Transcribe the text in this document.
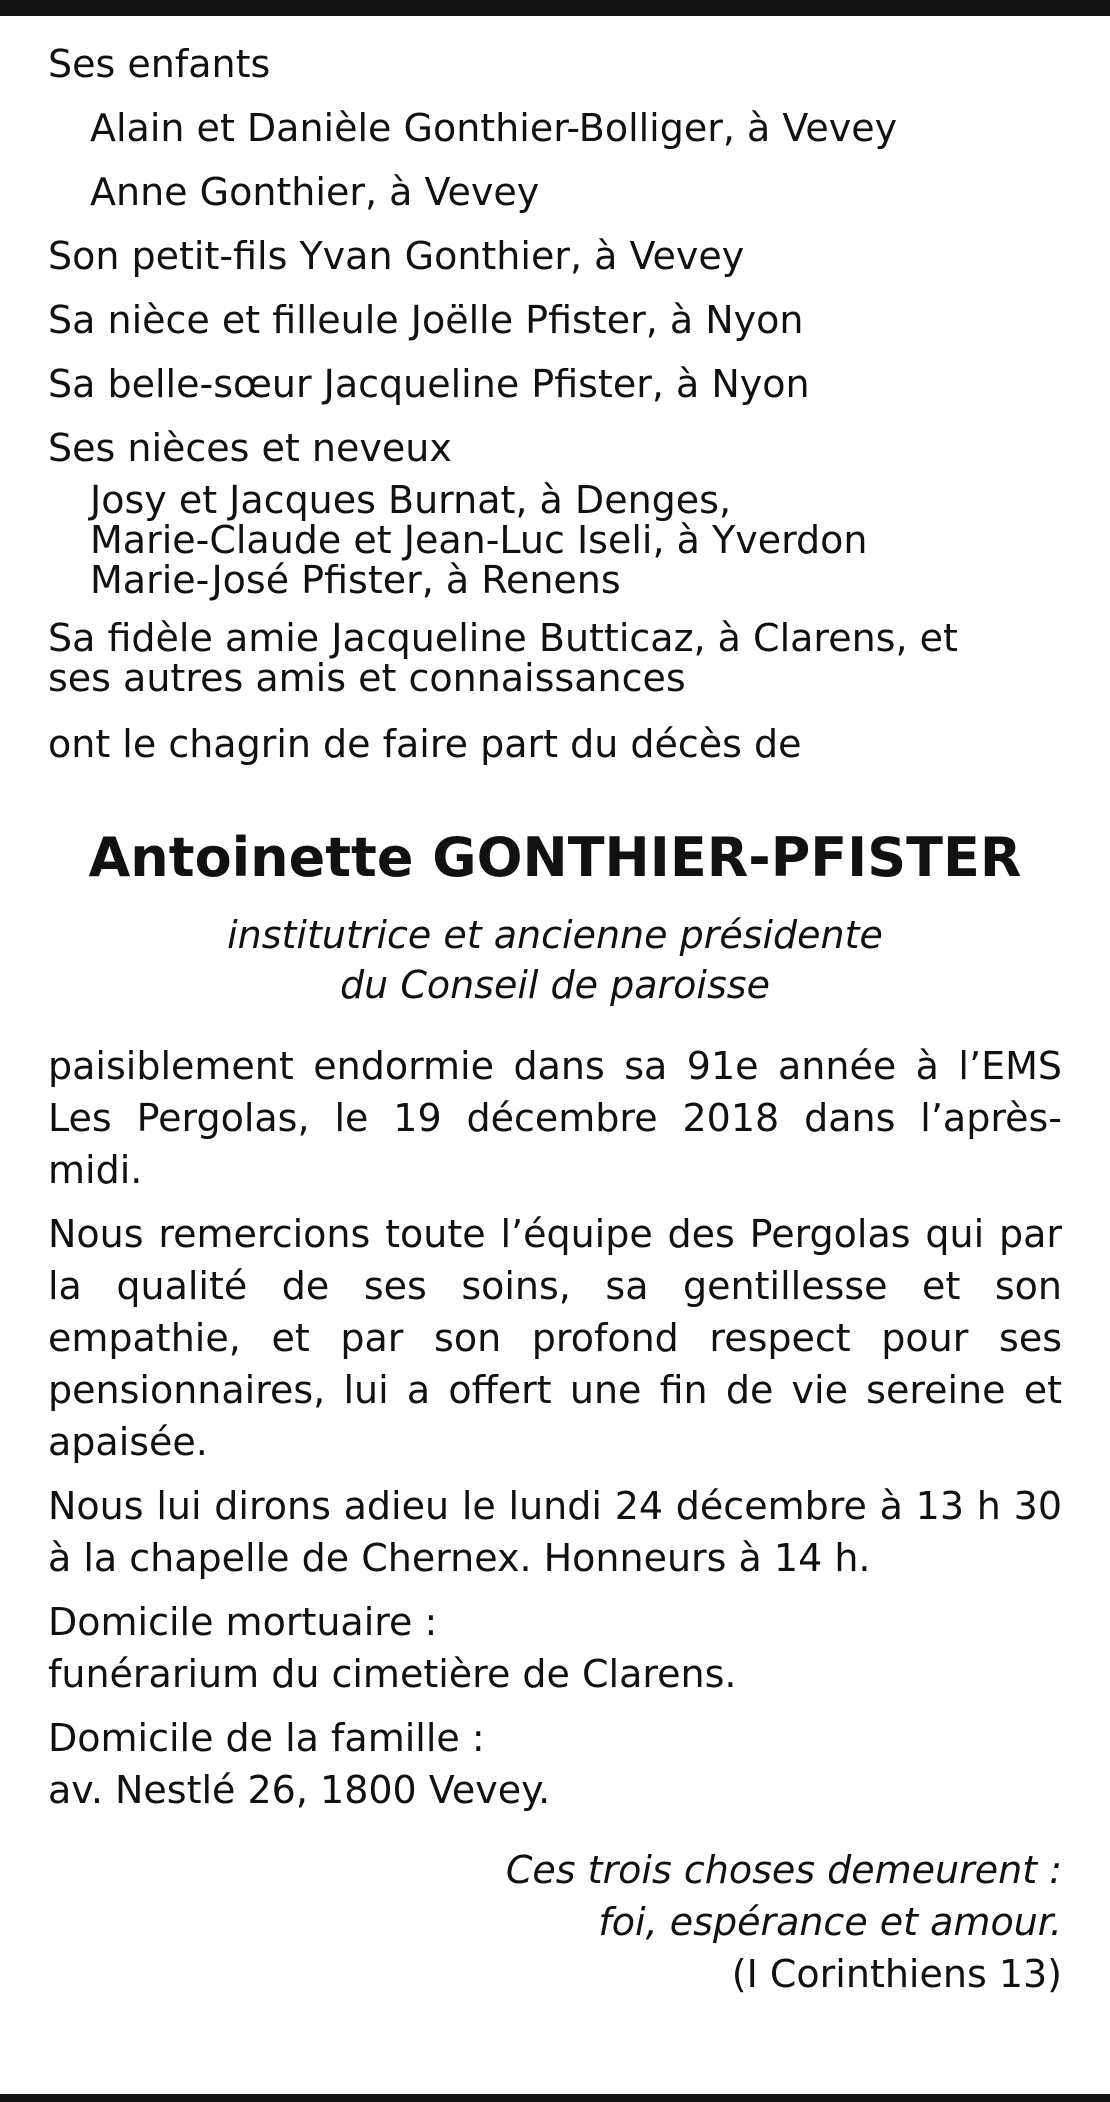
Ses enfants
Alain et Danièle Gonthier-Bolliger, à Vevey
Anne Gonthier, à Vevey
Son petit-fils Yvan Gonthier, à Vevey
Sa nièce et filleule Joëlle Pfister, à Nyon
Sa belle-sœur Jacqueline Pfister, à Nyon
Ses nièces et neveux
Josy et Jacques Burnat, à Denges,
Marie-Claude et Jean-Luc Iseli, à Yverdon
Marie-José Pfister, à Renens
Sa fidèle amie Jacqueline Butticaz, à Clarens, et
ses autres amis et connaissances
ont le chagrin de faire part du décès de
Antoinette GONTHIER-PFISTER
institutrice et ancienne présidente
du Conseil de paroisse
paisiblement endormie dans sa 91e année à l’EMS Les Pergolas, le 19 décembre 2018 dans l’après-midi.
Nous remercions toute l’équipe des Pergolas qui par la qualité de ses soins, sa gentillesse et son empathie, et par son profond respect pour ses pensionnaires, lui a offert une fin de vie sereine et apaisée.
Nous lui dirons adieu le lundi 24 décembre à 13 h 30 à la chapelle de Chernex. Honneurs à 14 h.
Domicile mortuaire :
funérarium du cimetière de Clarens.
Domicile de la famille :
av. Nestlé 26, 1800 Vevey.
Ces trois choses demeurent :
foi, espérance et amour.
(I Corinthiens 13)
